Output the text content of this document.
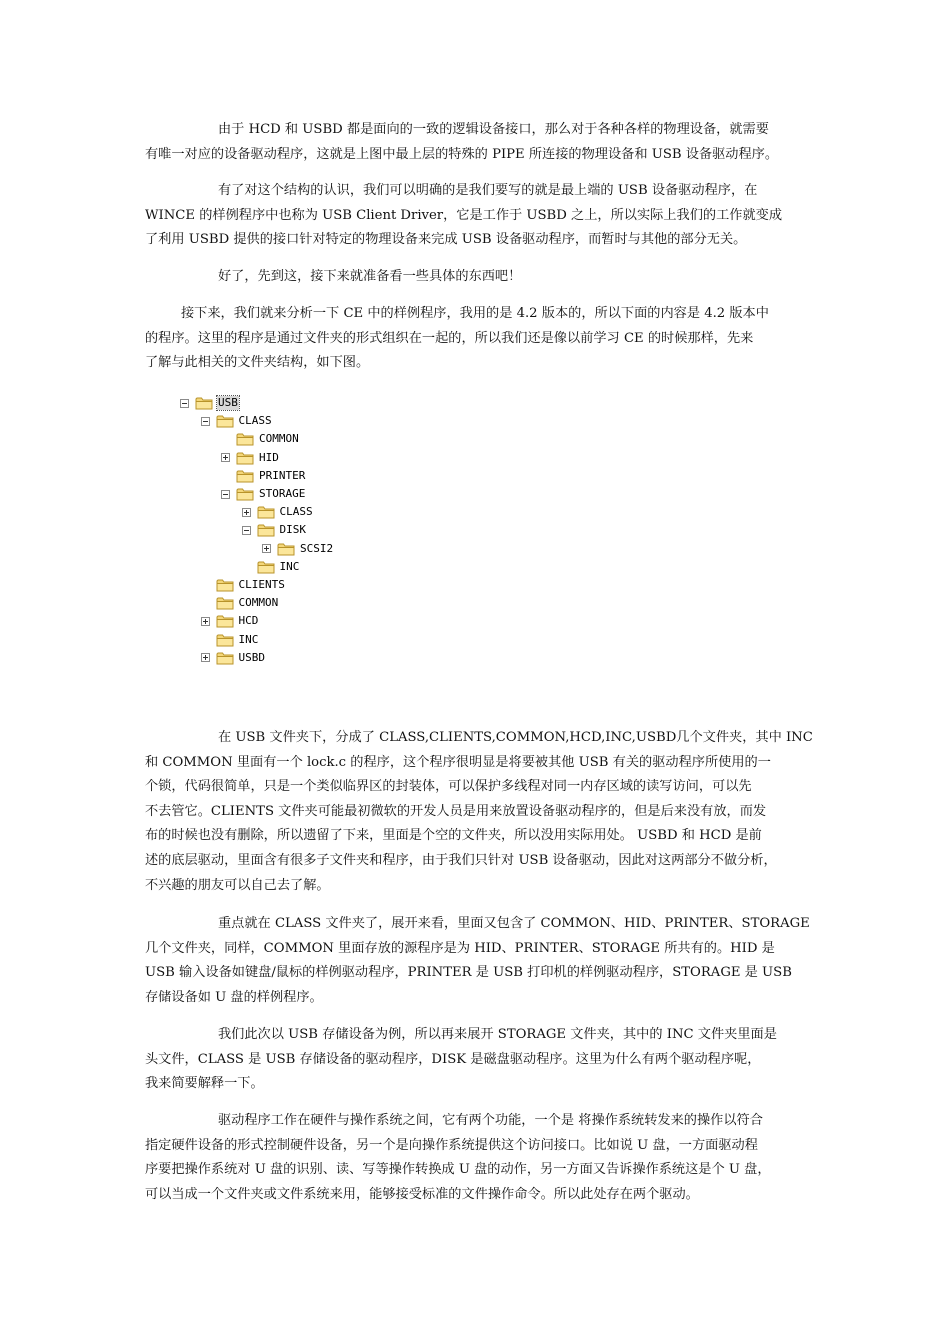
由于 HCD 和 USBD 都是面向的一致的逻辑设备接口，那么对于各种各样的物理设备，就需要
有唯一对应的设备驱动程序，这就是上图中最上层的特殊的 PIPE 所连接的物理设备和 USB 设备驱动程序。

有了对这个结构的认识，我们可以明确的是我们要写的就是最上端的 USB 设备驱动程序，在
WINCE 的样例程序中也称为 USB Client Driver，它是工作于 USBD 之上，所以实际上我们的工作就变成
了利用 USBD 提供的接口针对特定的物理设备来完成 USB 设备驱动程序，而暂时与其他的部分无关。

好了，先到这，接下来就准备看一些具体的东西吧！

接下来，我们就来分析一下 CE 中的样例程序，我用的是 4.2 版本的，所以下面的内容是 4.2 版本中
的程序。这里的程序是通过文件夹的形式组织在一起的，所以我们还是像以前学习 CE 的时候那样，先来
了解与此相关的文件夹结构，如下图。

USB
CLASS
COMMON
HID
PRINTER
STORAGE
CLASS
DISK
SCSI2
INC
CLIENTS
COMMON
HCD
INC
USBD

在 USB 文件夹下，分成了 CLASS,CLIENTS,COMMON,HCD,INC,USBD几个文件夹，其中 INC
和 COMMON 里面有一个 lock.c 的程序，这个程序很明显是将要被其他 USB 有关的驱动程序所使用的一
个锁，代码很简单，只是一个类似临界区的封装体，可以保护多线程对同一内存区域的读写访问，可以先
不去管它。CLIENTS 文件夹可能最初微软的开发人员是用来放置设备驱动程序的，但是后来没有放，而发
布的时候也没有删除，所以遗留了下来，里面是个空的文件夹，所以没用实际用处。 USBD 和 HCD 是前
述的底层驱动，里面含有很多子文件夹和程序，由于我们只针对 USB 设备驱动，因此对这两部分不做分析，
不兴趣的朋友可以自己去了解。

重点就在 CLASS 文件夹了，展开来看，里面又包含了 COMMON、HID、PRINTER、STORAGE
几个文件夹，同样，COMMON 里面存放的源程序是为 HID、PRINTER、STORAGE 所共有的。HID 是
USB 输入设备如键盘/鼠标的样例驱动程序，PRINTER 是 USB 打印机的样例驱动程序，STORAGE 是 USB
存储设备如 U 盘的样例程序。

我们此次以 USB 存储设备为例，所以再来展开 STORAGE 文件夹，其中的 INC 文件夹里面是
头文件，CLASS 是 USB 存储设备的驱动程序，DISK 是磁盘驱动程序。这里为什么有两个驱动程序呢，
我来简要解释一下。

驱动程序工作在硬件与操作系统之间，它有两个功能，一个是 将操作系统转发来的操作以符合
指定硬件设备的形式控制硬件设备，另一个是向操作系统提供这个访问接口。比如说 U 盘，一方面驱动程
序要把操作系统对 U 盘的识别、读、写等操作转换成 U 盘的动作，另一方面又告诉操作系统这是个 U 盘，
可以当成一个文件夹或文件系统来用，能够接受标准的文件操作命令。所以此处存在两个驱动。
